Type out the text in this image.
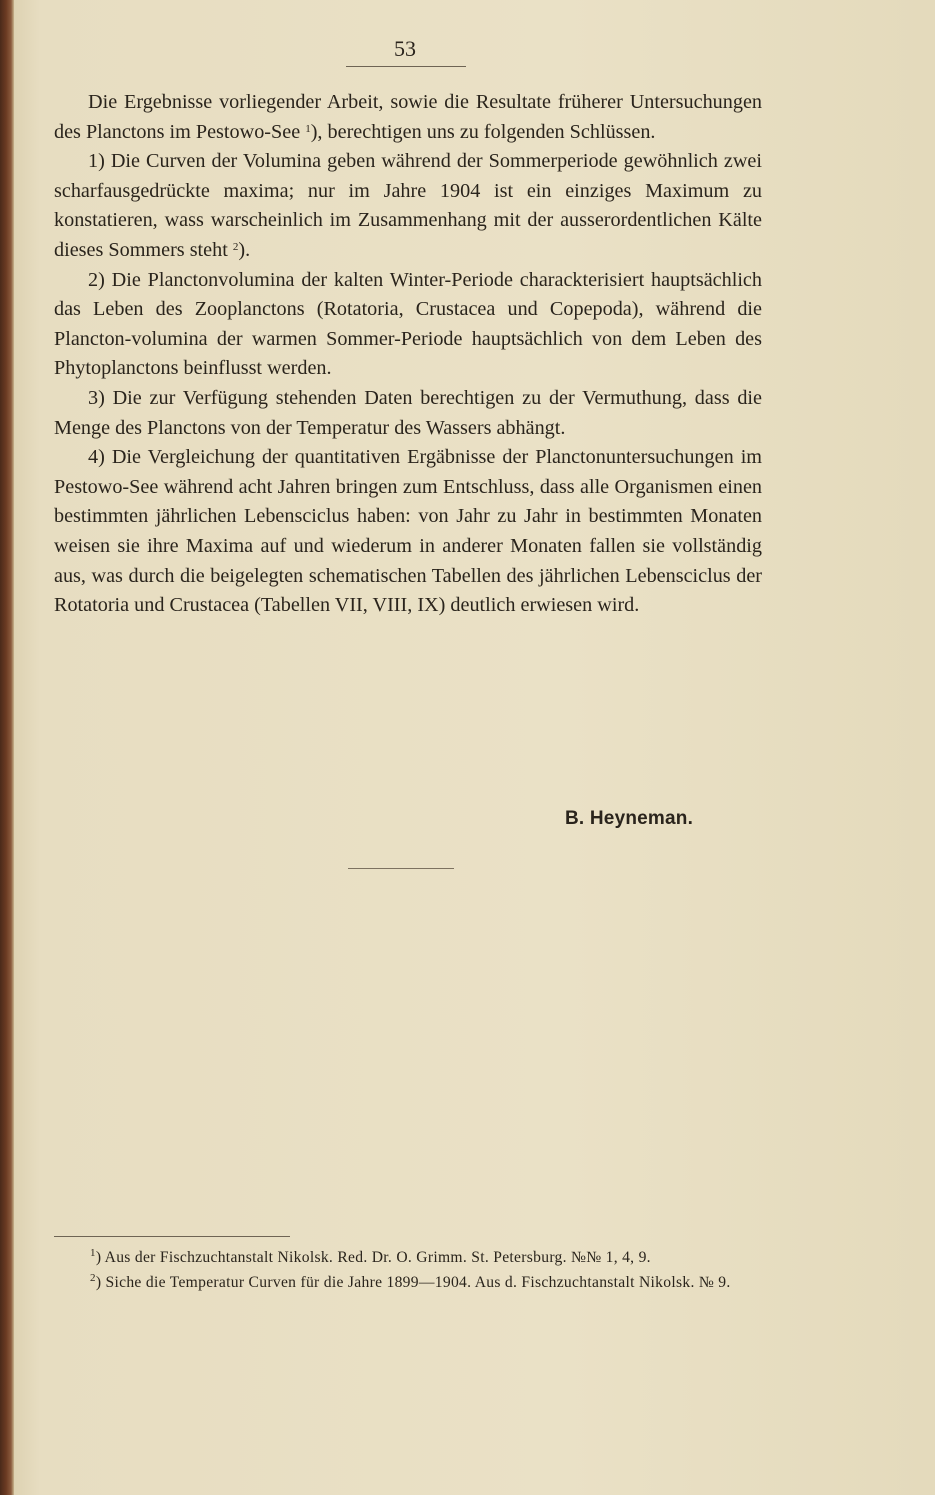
53

Die Ergebnisse vorliegender Arbeit, sowie die Resultate früherer Untersuchungen des Planctons im Pestowo-See $^1$), berechtigen uns zu folgenden Schlüssen.

1) Die Curven der Volumina geben während der Sommerperiode gewöhnlich zwei scharfausgedrückte maxima; nur im Jahre 1904 ist ein einziges Maximum zu konstatieren, wass warscheinlich im Zusammenhang mit der ausserordentlichen Kälte dieses Sommers steht $^2$).

2) Die Planctonvolumina der kalten Winter-Periode charackterisiert hauptsächlich das Leben des Zooplanctons (Rotatoria, Crustacea und Copepoda), während die Plancton-volumina der warmen Sommer-Periode hauptsächlich von dem Leben des Phytoplanctons beinflusst werden.

3) Die zur Verfügung stehenden Daten berechtigen zu der Vermuthung, dass die Menge des Planctons von der Temperatur des Wassers abhängt.

4) Die Vergleichung der quantitativen Ergäbnisse der Planctonuntersuchungen im Pestowo-See während acht Jahren bringen zum Entschluss, dass alle Organismen einen bestimmten jährlichen Lebensciclus haben: von Jahr zu Jahr in bestimmten Monaten weisen sie ihre Maxima auf und wiederum in anderer Monaten fallen sie vollständig aus, was durch die beigelegten schematischen Tabellen des jährlichen Lebensciclus der Rotatoria und Crustacea (Tabellen VII, VIII, IX) deutlich erwiesen wird.

B. Heyneman.

$^1$) Aus der Fischzuchtanstalt Nikolsk. Red. Dr. O. Grimm. St. Petersburg. №№ 1, 4, 9.

$^2$) Siche die Temperatur Curven für die Jahre 1899—1904. Aus d. Fischzuchtanstalt Nikolsk. № 9.
